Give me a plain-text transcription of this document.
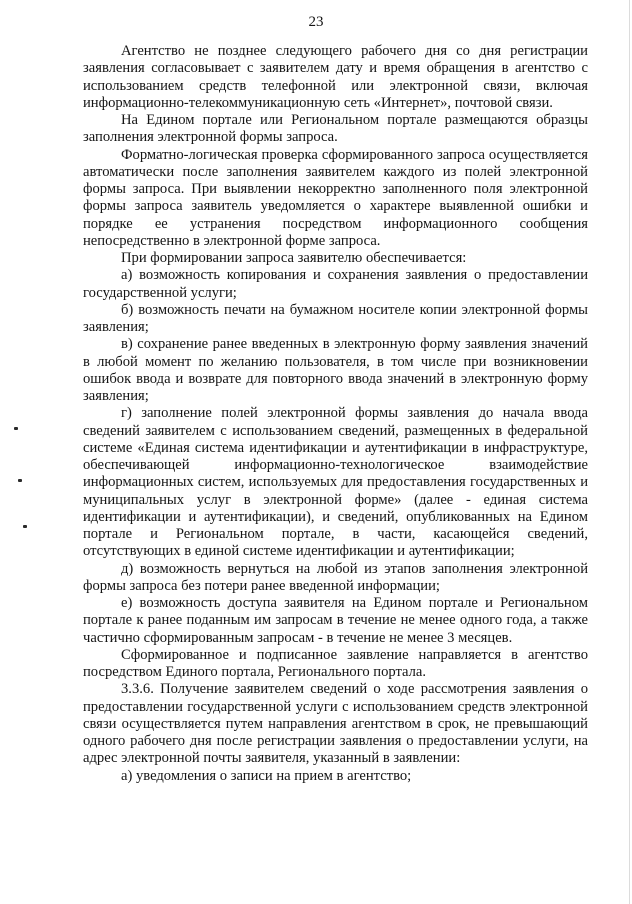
23

Агентство не позднее следующего рабочего дня со дня регистрации заявления согласовывает с заявителем дату и время обращения в агентство с использованием средств телефонной или электронной связи, включая информационно-телекоммуникационную сеть «Интернет», почтовой связи.

На Едином портале или Региональном портале размещаются образцы заполнения электронной формы запроса.

Форматно-логическая проверка сформированного запроса осуществляется автоматически после заполнения заявителем каждого из полей электронной формы запроса. При выявлении некорректно заполненного поля электронной формы запроса заявитель уведомляется о характере выявленной ошибки и порядке ее устранения посредством информационного сообщения непосредственно в электронной форме запроса.

При формировании запроса заявителю обеспечивается:

а) возможность копирования и сохранения заявления о предоставлении государственной услуги;

б) возможность печати на бумажном носителе копии электронной формы заявления;

в) сохранение ранее введенных в электронную форму заявления значений в любой момент по желанию пользователя, в том числе при возникновении ошибок ввода и возврате для повторного ввода значений в электронную форму заявления;

г) заполнение полей электронной формы заявления до начала ввода сведений заявителем с использованием сведений, размещенных в федеральной системе «Единая система идентификации и аутентификации в инфраструктуре, обеспечивающей информационно-технологическое взаимодействие информационных систем, используемых для предоставления государственных и муниципальных услуг в электронной форме» (далее - единая система идентификации и аутентификации), и сведений, опубликованных на Едином портале и Региональном портале, в части, касающейся сведений, отсутствующих в единой системе идентификации и аутентификации;

д) возможность вернуться на любой из этапов заполнения электронной формы запроса без потери ранее введенной информации;

е) возможность доступа заявителя на Едином портале и Региональном портале к ранее поданным им запросам в течение не менее одного года, а также частично сформированным запросам - в течение не менее 3 месяцев.

Сформированное и подписанное заявление направляется в агентство посредством Единого портала, Регионального портала.

3.3.6. Получение заявителем сведений о ходе рассмотрения заявления о предоставлении государственной услуги с использованием средств электронной связи осуществляется путем направления агентством в срок, не превышающий одного рабочего дня после регистрации заявления о предоставлении услуги, на адрес электронной почты заявителя, указанный в заявлении:

а) уведомления о записи на прием в агентство;
